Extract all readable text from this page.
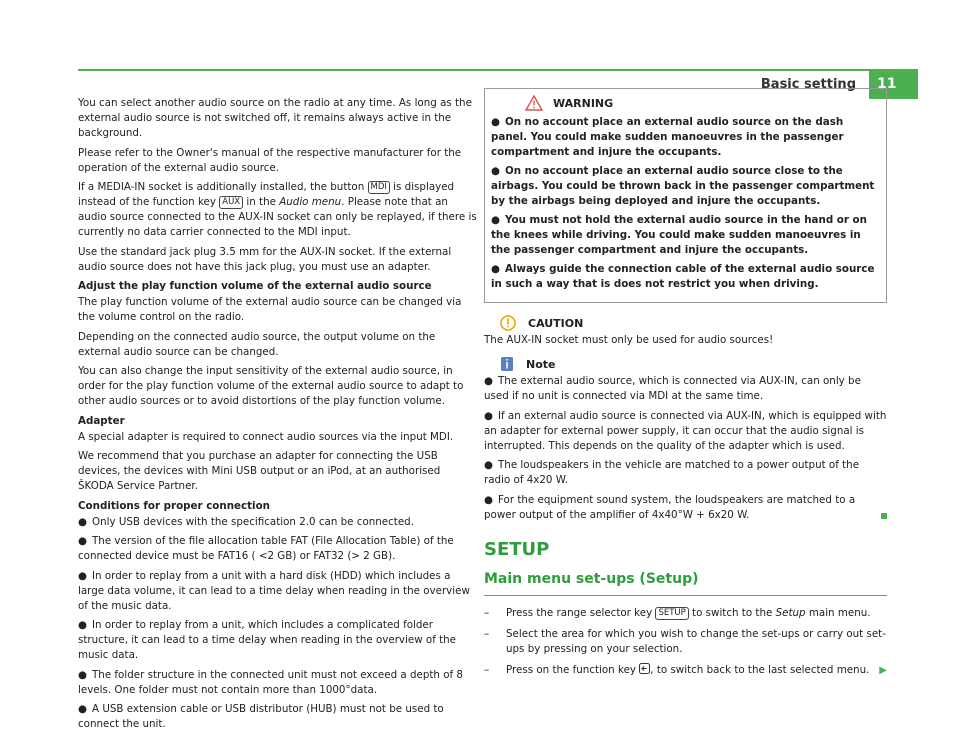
Basic setting	11

You can select another audio source on the radio at any time. As long as the external audio source is not switched off, it remains always active in the background.

Please refer to the Owner's manual of the respective manufacturer for the operation of the external audio source.

If a MEDIA-IN socket is additionally installed, the button MDI is displayed instead of the function key AUX in the Audio menu. Please note that an audio source connected to the AUX-IN socket can only be replayed, if there is currently no data carrier connected to the MDI input.

Use the standard jack plug 3.5 mm for the AUX-IN socket. If the external audio source does not have this jack plug, you must use an adapter.

Adjust the play function volume of the external audio source

The play function volume of the external audio source can be changed via the volume control on the radio.

Depending on the connected audio source, the output volume on the external audio source can be changed.

You can also change the input sensitivity of the external audio source, in order for the play function volume of the external audio source to adapt to other audio sources or to avoid distortions of the play function volume.

Adapter

A special adapter is required to connect audio sources via the input MDI.

We recommend that you purchase an adapter for connecting the USB devices, the devices with Mini USB output or an iPod, at an authorised ŠKODA Service Partner.

Conditions for proper connection

● Only USB devices with the specification 2.0 can be connected.

● The version of the file allocation table FAT (File Allocation Table) of the connected device must be FAT16 ( <2 GB) or FAT32 (> 2 GB).

● In order to replay from a unit with a hard disk (HDD) which includes a large data volume, it can lead to a time delay when reading in the overview of the music data.

● In order to replay from a unit, which includes a complicated folder structure, it can lead to a time delay when reading in the overview of the music data.

● The folder structure in the connected unit must not exceed a depth of 8 levels. One folder must not contain more than 1000°data.

● A USB extension cable or USB distributor (HUB) must not be used to connect the unit.

WARNING

● On no account place an external audio source on the dash panel. You could make sudden manoeuvres in the passenger compartment and injure the occupants.

● On no account place an external audio source close to the airbags. You could be thrown back in the passenger compartment by the airbags being deployed and injure the occupants.

● You must not hold the external audio source in the hand or on the knees while driving. You could make sudden manoeuvres in the passenger compartment and injure the occupants.

● Always guide the connection cable of the external audio source in such a way that is does not restrict you when driving.

CAUTION

The AUX-IN socket must only be used for audio sources!

Note

● The external audio source, which is connected via AUX-IN, can only be used if no unit is connected via MDI at the same time.

● If an external audio source is connected via AUX-IN, which is equipped with an adapter for external power supply, it can occur that the audio signal is interrupted. This depends on the quality of the adapter which is used.

● The loudspeakers in the vehicle are matched to a power output of the radio of 4x20 W.

● For the equipment sound system, the loudspeakers are matched to a power output of the amplifier of 4x40°W + 6x20 W.

SETUP
Main menu set-ups (Setup)
–	Press the range selector key SETUP to switch to the Setup main menu.
–	Select the area for which you wish to change the set-ups or carry out set-ups by pressing on your selection.
–	Press on the function key , to switch back to the last selected menu. ▶
